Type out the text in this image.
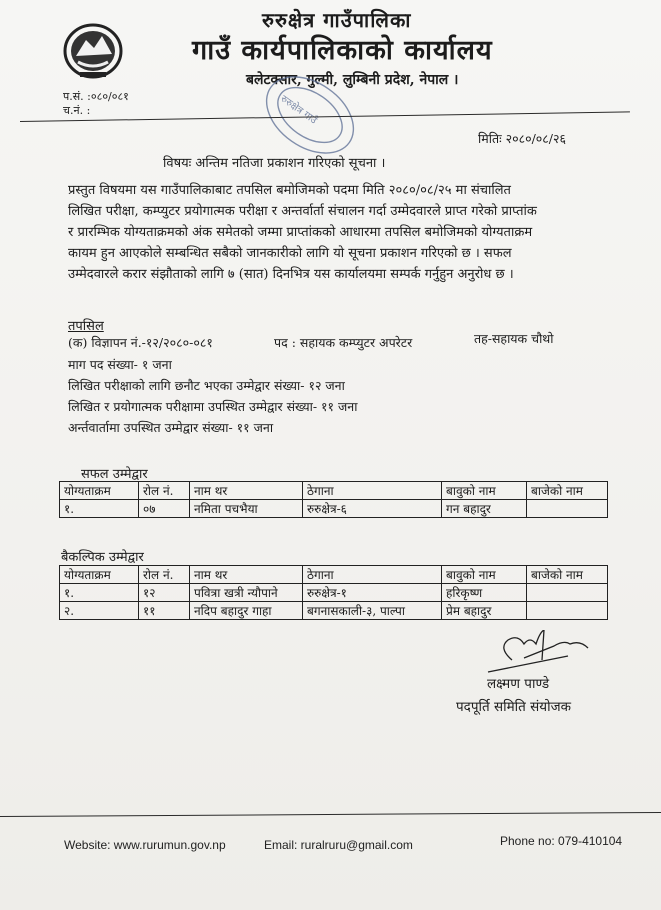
रुरुक्षेत्र गाउँपालिका
गाउँ कार्यपालिकाको कार्यालय
बलेटक्सार, गुल्मी, लुम्बिनी प्रदेश, नेपाल ।
प.सं. :०८०/०८१
च.नं. :	रुरुक्षेत्र गाउँ
मितिः २०८०/०८/२६
विषयः अन्तिम नतिजा प्रकाशन गरिएको सूचना ।
प्रस्तुत विषयमा यस गाउँपालिकाबाट तपसिल बमोजिमको पदमा मिति २०८०/०८/२५ मा संचालित
लिखित परीक्षा, कम्प्युटर प्रयोगात्मक परीक्षा र अन्तर्वार्ता संचालन गर्दा उम्मेदवारले प्राप्त गरेको प्राप्तांक
र प्रारम्भिक योग्यताक्रमको अंक समेतको जम्मा प्राप्तांकको आधारमा तपसिल बमोजिमको योग्यताक्रम
कायम हुन आएकोले सम्बन्धित सबैको जानकारीको लागि यो सूचना प्रकाशन गरिएको छ । सफल
उम्मेदवारले करार संझौताको लागि ७ (सात) दिनभित्र यस कार्यालयमा सम्पर्क गर्नुहुन अनुरोध छ ।
तपसिल
(क) विज्ञापन नं.-१२/२०८०-०८१	पद : सहायक कम्प्युटर अपरेटर	तह-सहायक चौथो
माग पद संख्या- १ जना
लिखित परीक्षाको लागि छनौट भएका उम्मेद्वार संख्या- १२ जना
लिखित र प्रयोगात्मक परीक्षामा उपस्थित उम्मेद्वार संख्या- ११ जना
अर्न्तवार्तामा उपस्थित उम्मेद्वार संख्या- ११ जना
सफल उम्मेद्वार
योग्यताक्रम	रोल नं.	नाम थर	ठेगाना	बावुको नाम	बाजेको नाम
१.	०७	नमिता पचभैया	रुरुक्षेत्र-६	गन बहादुर	
बैकल्पिक उम्मेद्वार
योग्यताक्रम	रोल नं.	नाम थर	ठेगाना	बावुको नाम	बाजेको नाम
१.	१२	पवित्रा खत्री न्यौपाने	रुरुक्षेत्र-१	हरिकृष्ण	
२.	११	नदिप बहादुर गाहा	बगनासकाली-३, पाल्पा	प्रेम बहादुर	
लक्ष्मण पाण्डे
पदपूर्ति समिति संयोजक
Website: www.rurumun.gov.np	Email: ruralruru@gmail.com	Phone no: 079-410104
